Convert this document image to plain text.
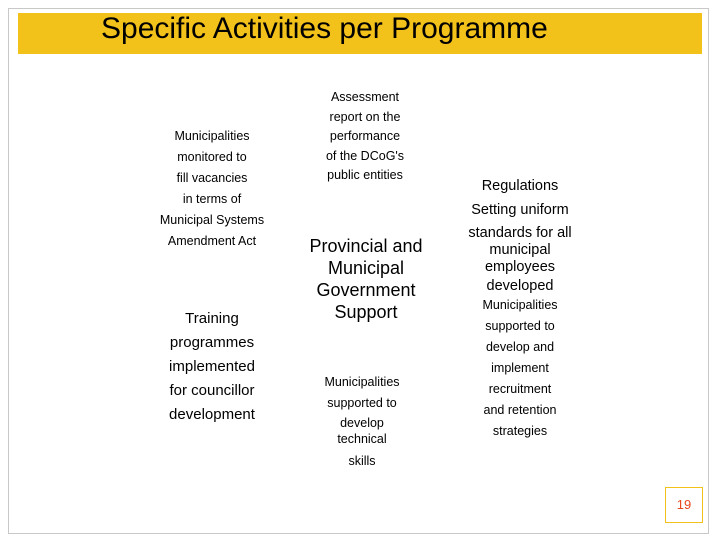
Specific Activities per Programme
Municipalities
monitored to
fill vacancies
in terms of
Municipal Systems
Amendment Act
Assessment
report on the
performance
of the DCoG's
public entities
Provincial and
Municipal
Government
Support
Regulations
Setting uniform
standards for all
municipal
employees
developed
Training
programmes
implemented
for councillor
development
Municipalities
supported to
develop
technical
skills
Municipalities
supported to
develop and
implement
recruitment
and retention
strategies
19
